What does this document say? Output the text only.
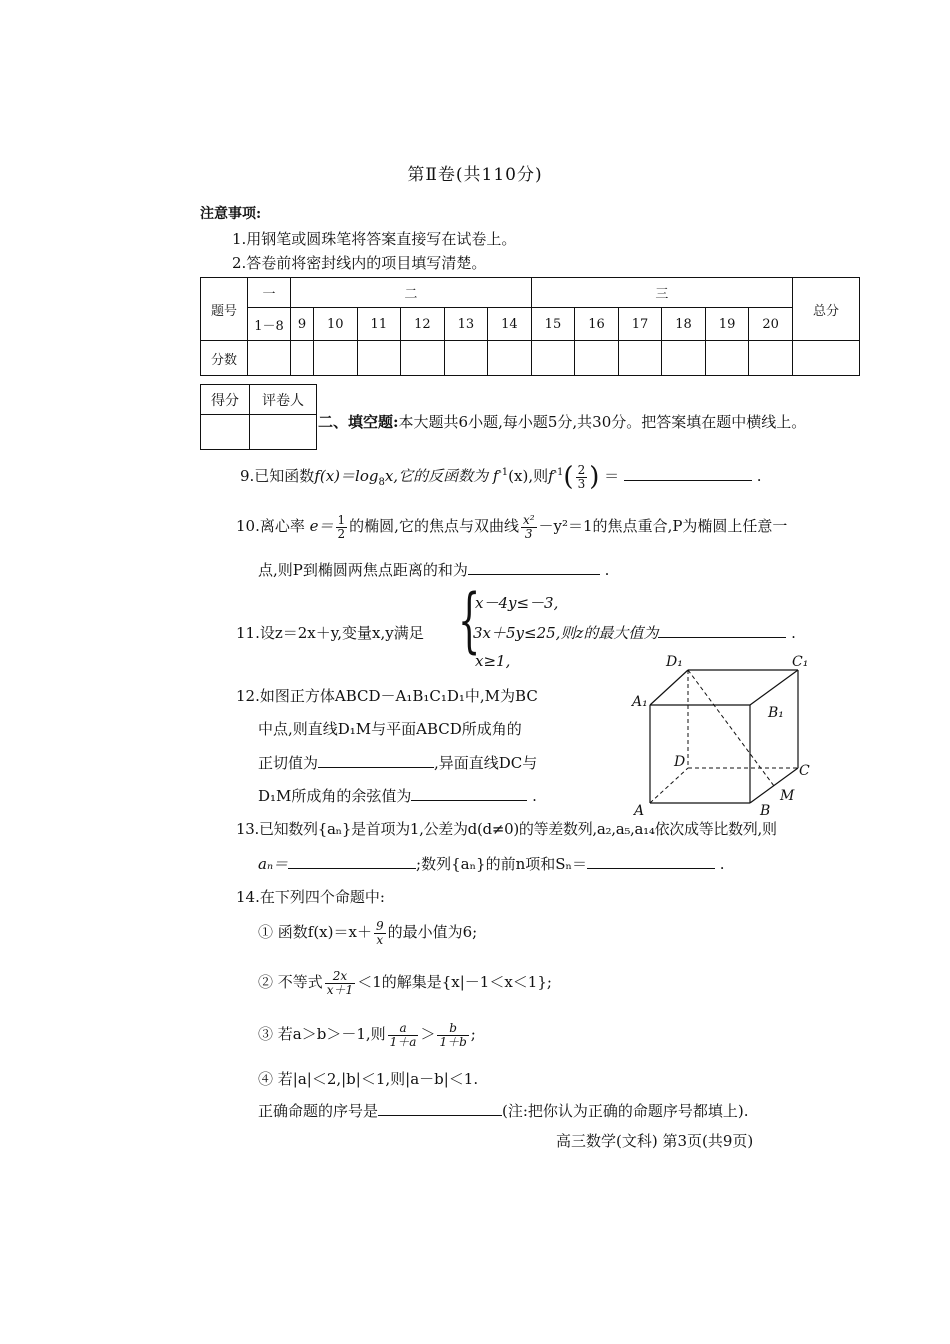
第Ⅱ卷(共110分)
注意事项:
1.用钢笔或圆珠笔将答案直接写在试卷上。
2.答卷前将密封线内的项目填写清楚。
题号	一	二						三						总分
	1－8	9	10	11	12	13	14	15	16	17	18	19	20	
分数														
得分	评卷人

二、填空题:本大题共6小题,每小题5分,共30分。把答案填在题中横线上。
9.已知函数$f(x)=\log_8x$,它的反函数为 $f^{-1}(x)$,则$f^{-1}( \frac{2}{3}$ ) ＝	.
10.离心率 $e= \frac{1}{2}$ 的椭圆,它的焦点与双曲线 $\frac{\text{x²}}{3} -y^2=1$的焦点重合,P为椭圆上任意一
点,则P到椭圆两焦点距离的和为	.
{
x－4y≤－3,
11.设z＝2x＋y,变量x,y满足	3x＋5y≤25,则z的最大值为	.
x≥1,
12.如图正方体ABCD－A₁B₁C₁D₁中,M为BC
中点,则直线D₁M与平面ABCD所成角的
正切值为	,异面直线DC与
D₁M所成角的余弦值为	.
D₁	C₁
A₁
B₁
D
C
A	B
M
13.已知数列{aₙ}是首项为1,公差为d(d≠0)的等差数列,a₂,a₅,a₁₄依次成等比数列,则
aₙ＝	;数列{aₙ}的前n项和Sₙ＝	.
14.在下列四个命题中:
① 函数$f(x)=x+ \frac{9}{x}$ 的最小值为6;
② 不等式 $\frac{2x}{x+1} <1$的解集是{x|－1＜x＜1};
③ 若a＞b＞－1,则 $\frac{a}{1+a} > \frac{b}{1+b}$ ;
④ 若|a|＜2,|b|＜1,则|a－b|＜1.
正确命题的序号是	(注:把你认为正确的命题序号都填上).
高三数学(文科) 第3页(共9页)
